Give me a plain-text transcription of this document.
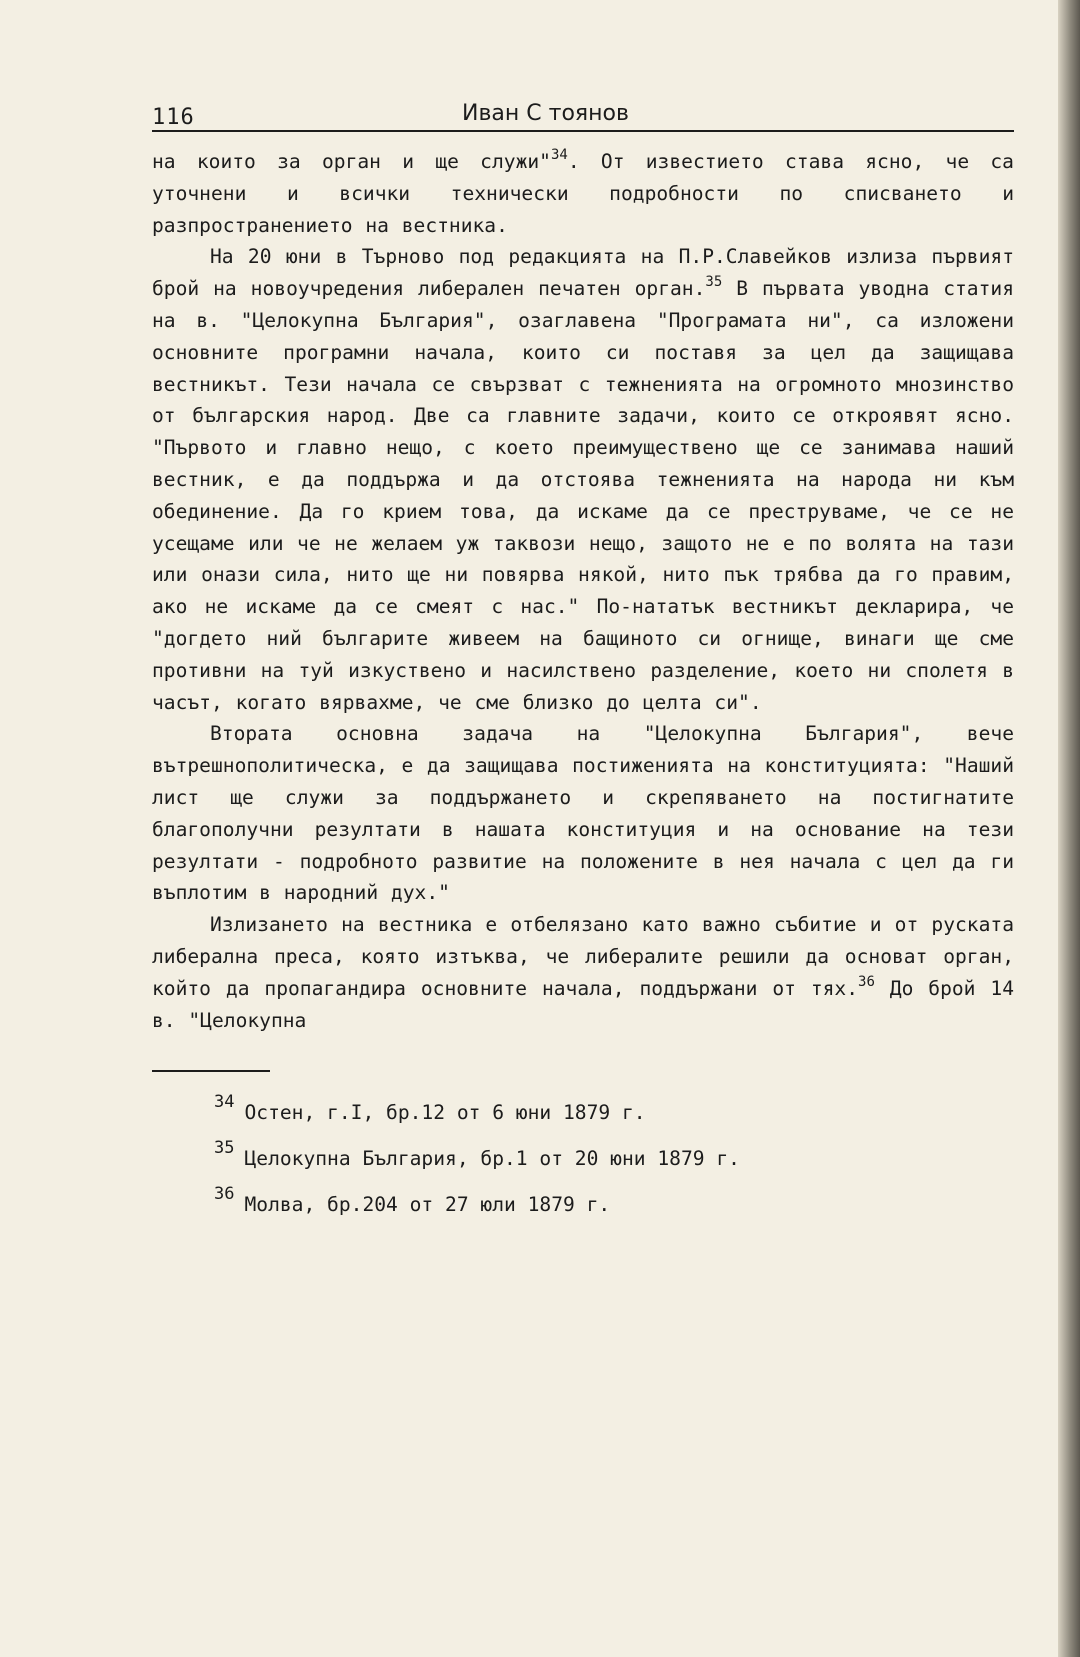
116	Иван С тоянов

на които за орган и ще служи"$^{34}$. От известието става ясно, че са уточнени и всички технически подробности по списването и разпространението на вестника.

На 20 юни в Търново под редакцията на П.Р.Славейков излиза първият брой на новоучредения либерален печатен орган.$^{35}$ В първата уводна статия на в. "Целокупна България", озаглавена "Програмата ни", са изложени основните програмни начала, които си поставя за цел да защищава вестникът. Тези начала се свързват с тежненията на огромното мнозинство от българския народ. Две са главните задачи, които се откроявят ясно. "Първото и главно нещо, с което преимуществено ще се занимава наший вестник, е да поддържа и да отстоява тежненията на народа ни към обединение. Да го крием това, да искаме да се преструваме, че се не усещаме или че не желаем уж таквози нещо, защото не е по волята на тази или онази сила, нито ще ни повярва някой, нито пък трябва да го правим, ако не искаме да се смеят с нас." По-нататък вестникът декларира, че "догдето ний българите живеем на бащиното си огнище, винаги ще сме противни на туй изкуствено и насилствено разделение, което ни сполетя в часът, когато вярвахме, че сме близко до целта си".

Втората основна задача на "Целокупна България", вече вътрешнополитическа, е да защищава постиженията на конституцията: "Наший лист ще служи за поддържането и скрепяването на постигнатите благополучни резултати в нашата конституция и на основание на тези резултати - подробното развитие на положените в нея начала с цел да ги въплотим в народний дух."

Излизането на вестника е отбелязано като важно събитие и от руската либерална преса, която изтъква, че либералите решили да основат орган, който да пропагандира основните начала, поддържани от тях.$^{36}$ До брой 14 в. "Целокупна

$^{34}$ Остен, г.I, бр.12 от 6 юни 1879 г.
$^{35}$ Целокупна България, бр.1 от 20 юни 1879 г.
$^{36}$ Молва, бр.204 от 27 юли 1879 г.
